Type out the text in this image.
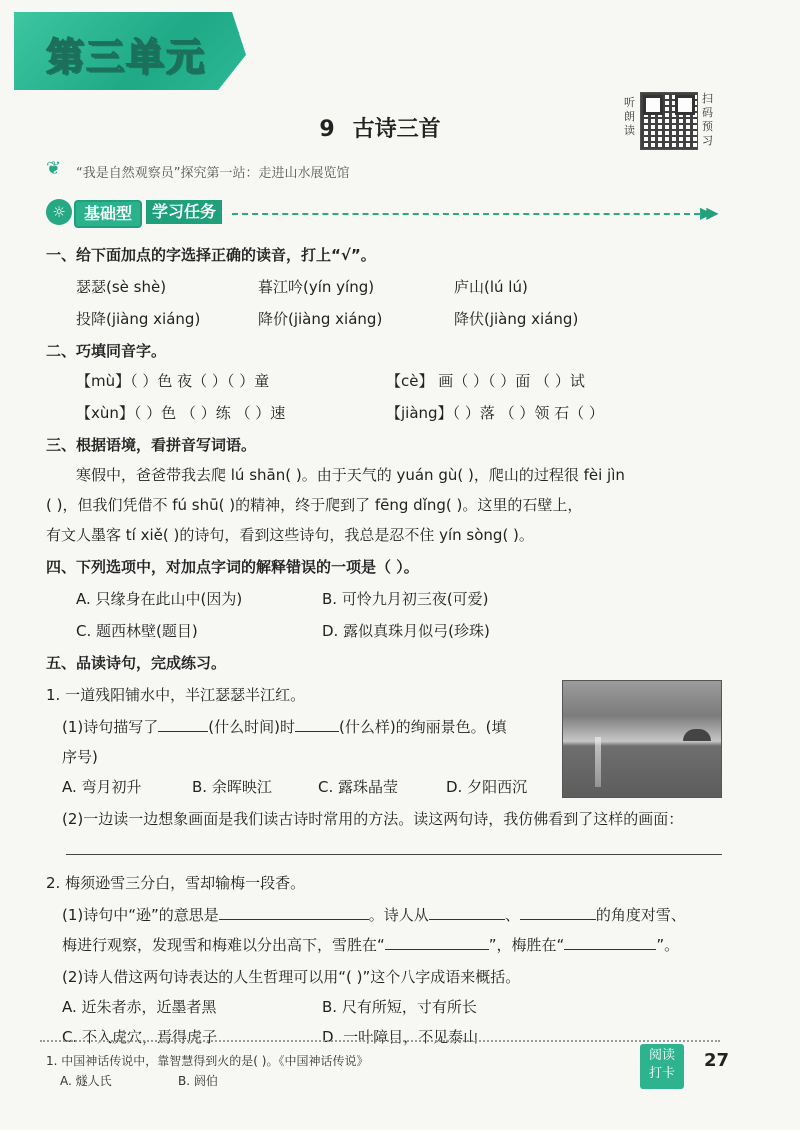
第三单元
9 古诗三首
听朗读
扫码预习
❦ “我是自然观察员”探究第一站：走进山水展览馆
☼	基础型	学习任务	▶▶
一、给下面加点的字选择正确的读音，打上“√”。
瑟瑟(sè shè)	暮江吟(yín yíng)	庐山(lú lú)
投降(jiàng xiáng)	降价(jiàng xiáng)	降伏(jiàng xiáng)
二、巧填同音字。
【mù】（ ）色 夜（ ）（ ）童	【cè】 画（ ）（ ）面 （ ）试
【xùn】（ ）色 （ ）练 （ ）速	【jiàng】（ ）落 （ ）领 石（ ）
三、根据语境，看拼音写词语。
寒假中，爸爸带我去爬 lú shān( )。由于天气的 yuán gù( )，爬山的过程很 fèi jìn
( )，但我们凭借不 fú shū( )的精神，终于爬到了 fēng dǐng( )。这里的石壁上，
有文人墨客 tí xiě( )的诗句，看到这些诗句，我总是忍不住 yín sòng( )。
四、下列选项中，对加点字词的解释错误的一项是（ ）。
A. 只缘身在此山中(因为)	B. 可怜九月初三夜(可爱)
C. 题西林壁(题目)	D. 露似真珠月似弓(珍珠)
五、品读诗句，完成练习。
1. 一道残阳铺水中，半江瑟瑟半江红。
(1)诗句描写了	(什么时间)时	(什么样)的绚丽景色。(填
序号)
A. 弯月初升	B. 余晖映江	C. 露珠晶莹	D. 夕阳西沉
(2)一边读一边想象画面是我们读古诗时常用的方法。读这两句诗，我仿佛看到了这样的画面：
2. 梅须逊雪三分白，雪却输梅一段香。
(1)诗句中“逊”的意思是	。诗人从	、	的角度对雪、
梅进行观察，发现雪和梅难以分出高下，雪胜在“	”，梅胜在“	”。
(2)诗人借这两句诗表达的人生哲理可以用“( )”这个八字成语来概括。
A. 近朱者赤，近墨者黑	B. 尺有所短，寸有所长
C. 不入虎穴，焉得虎子	D. 一叶障目，不见泰山
1. 中国神话传说中，靠智慧得到火的是( )。《中国神话传说》
A. 燧人氏	B. 阏伯
阅读
打卡
27
